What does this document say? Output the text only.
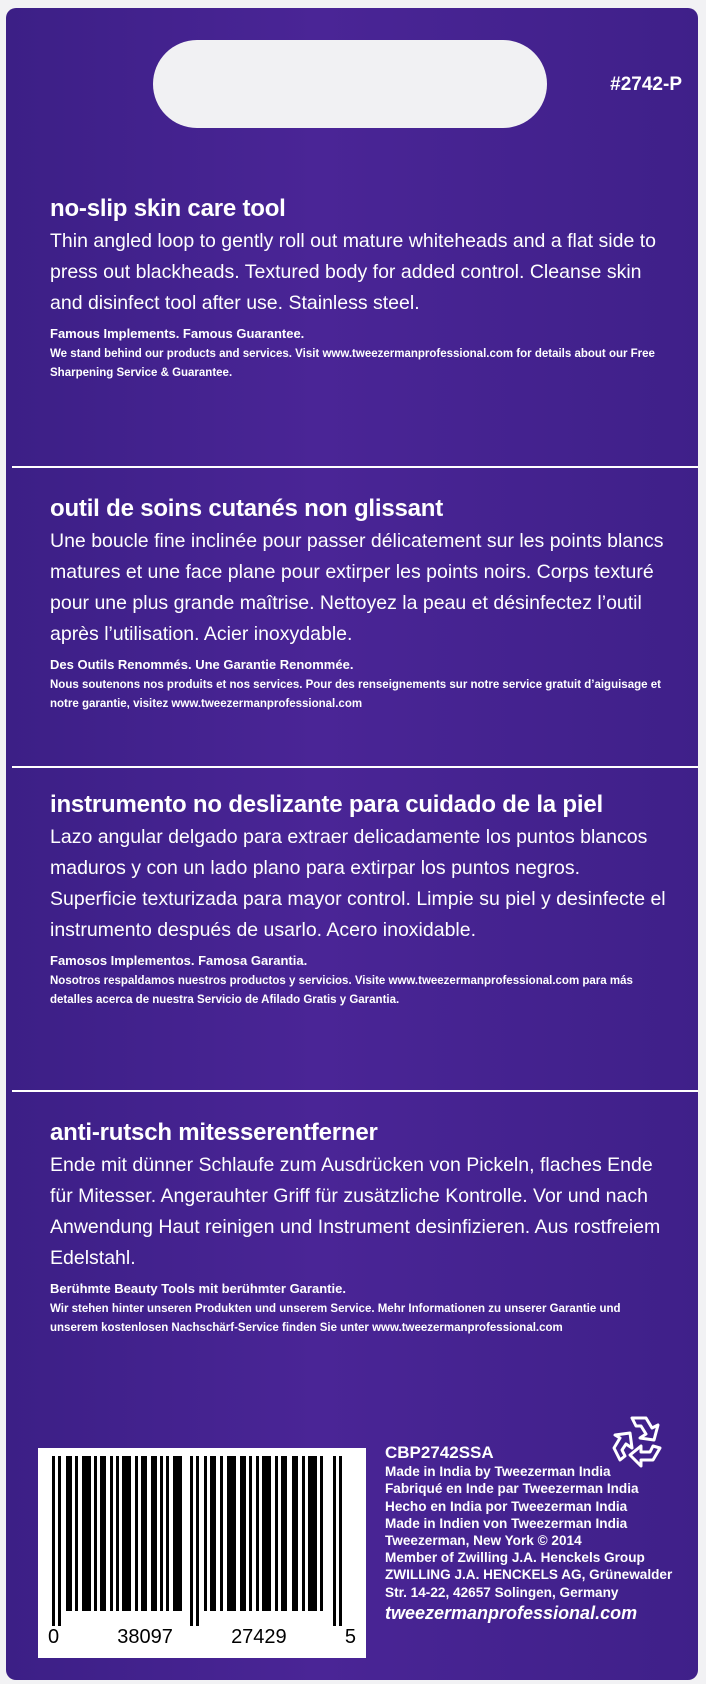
#2742-P
no-slip skin care tool

Thin angled loop to gently roll out mature whiteheads and a flat side to press out blackheads. Textured body for added control. Cleanse skin and disinfect tool after use. Stainless steel.

Famous Implements. Famous Guarantee.
We stand behind our products and services. Visit www.tweezermanprofessional.com for details about our Free Sharpening Service & Guarantee.
outil de soins cutanés non glissant

Une boucle fine inclinée pour passer délicatement sur les points blancs matures et une face plane pour extirper les points noirs. Corps texturé pour une plus grande maîtrise. Nettoyez la peau et désinfectez l’outil après l’utilisation. Acier inoxydable.

Des Outils Renommés. Une Garantie Renommée.
Nous soutenons nos produits et nos services. Pour des renseignements sur notre service gratuit d’aiguisage et notre garantie, visitez www.tweezermanprofessional.com
instrumento no deslizante para cuidado de la piel

Lazo angular delgado para extraer delicadamente los puntos blancos maduros y con un lado plano para extirpar los puntos negros. Superficie texturizada para mayor control. Limpie su piel y desinfecte el instrumento después de usarlo. Acero inoxidable.

Famosos Implementos. Famosa Garantia.
Nosotros respaldamos nuestros productos y servicios. Visite www.tweezermanprofessional.com para más detalles acerca de nuestra Servicio de Afilado Gratis y Garantia.
anti-rutsch mitesserentferner

Ende mit dünner Schlaufe zum Ausdrücken von Pickeln, flaches Ende für Mitesser. Angerauhter Griff für zusätzliche Kontrolle. Vor und nach Anwendung Haut reinigen und Instrument desinfizieren. Aus rostfreiem Edelstahl.

Berühmte Beauty Tools mit berühmter Garantie.
Wir stehen hinter unseren Produkten und unserem Service. Mehr Informationen zu unserer Garantie und unserem kostenlosen Nachschärf-Service finden Sie unter www.tweezermanprofessional.com
0	38097	27429	5
CBP2742SSA
Made in India by Tweezerman India
Fabriqué en Inde par Tweezerman India
Hecho en India por Tweezerman India
Made in Indien von Tweezerman India
Tweezerman, New York © 2014
Member of Zwilling J.A. Henckels Group
ZWILLING J.A. HENCKELS AG, Grünewalder
Str. 14-22, 42657 Solingen, Germany
tweezermanprofessional.com
